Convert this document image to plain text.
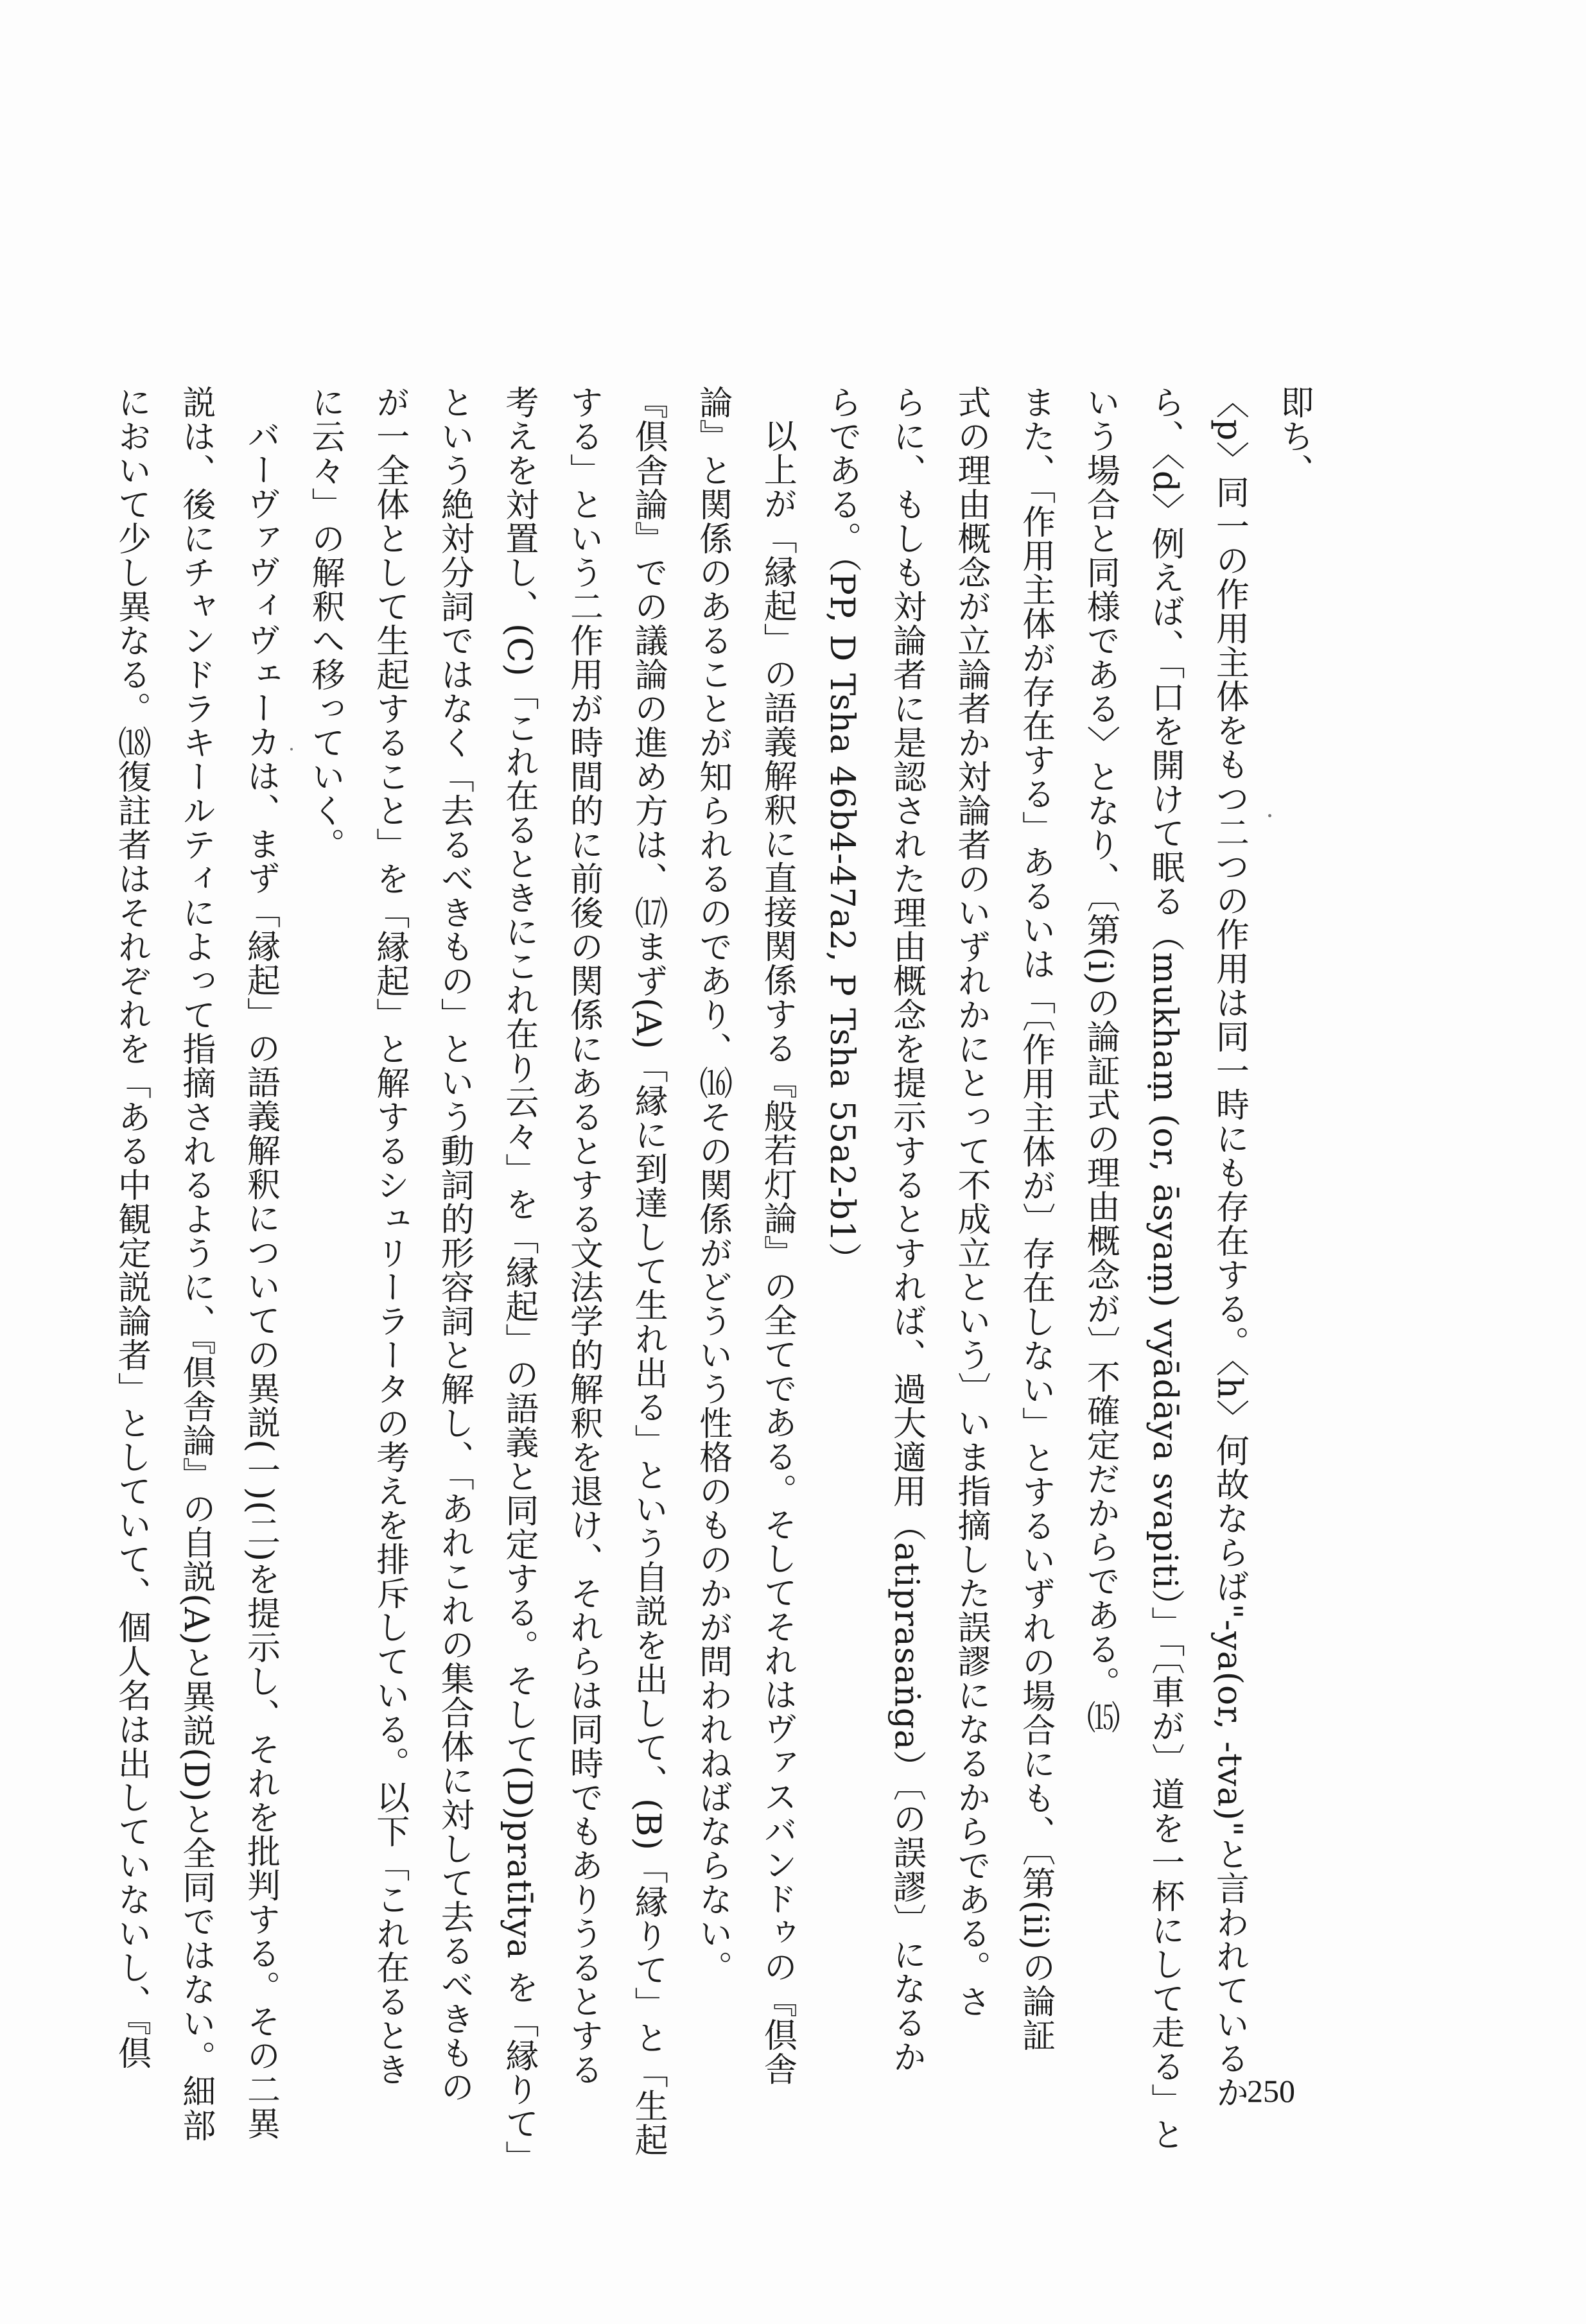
即ち、
〈p〉同一の作用主体をもつ二つの作用は同一時にも存在する。〈h〉何故ならば"-ya(or, -tva)"と言われているか
ら、〈d〉例えば、「口を開けて眠る（mukhaṃ (or, āsyaṃ) vyādāya svapiti）」「〔車が〕道を一杯にして走る」と
いう場合と同様である〉となり、〔第(i)の論証式の理由概念が〕不確定だからである。⒂
また、「作用主体が存在する」あるいは「〔作用主体が〕存在しない」とするいずれの場合にも、〔第(ii)の論証
式の理由概念が立論者か対論者のいずれかにとって不成立という〕いま指摘した誤謬になるからである。さ
らに、もしも対論者に是認された理由概念を提示するとすれば、過大適用（atiprasaṅga）〔の誤謬〕になるか
らである。（PP, D Tsha 46b4-47a2, P Tsha 55a2-b1）
以上が「縁起」の語義解釈に直接関係する『般若灯論』の全てである。そしてそれはヴァスバンドゥの『倶舎
論』と関係のあることが知られるのであり、⒃その関係がどういう性格のものかが問われねばならない。
『倶舎論』での議論の進め方は、⒄まず(A)「縁に到達して生れ出る」という自説を出して、(B)「縁りて」と「生起
する」という二作用が時間的に前後の関係にあるとする文法学的解釈を退け、それらは同時でもありうるとする
考えを対置し、(C)「これ在るときにこれ在り云々」を「縁起」の語義と同定する。そして(D)pratītya を「縁りて」
という絶対分詞ではなく「去るべきもの」という動詞的形容詞と解し、「あれこれの集合体に対して去るべきもの
が一全体として生起すること」を「縁起」と解するシュリーラータの考えを排斥している。以下「これ在るとき
に云々」の解釈へ移っていく。
バーヴァヴィヴェーカは、まず「縁起」の語義解釈についての異説(一)(二)を提示し、それを批判する。その二異
説は、後にチャンドラキールティによって指摘されるように、『倶舎論』の自説(A)と異説(D)と全同ではない。細部
において少し異なる。⒅復註者はそれぞれを「ある中観定説論者」としていて、個人名は出していないし、『倶
250
